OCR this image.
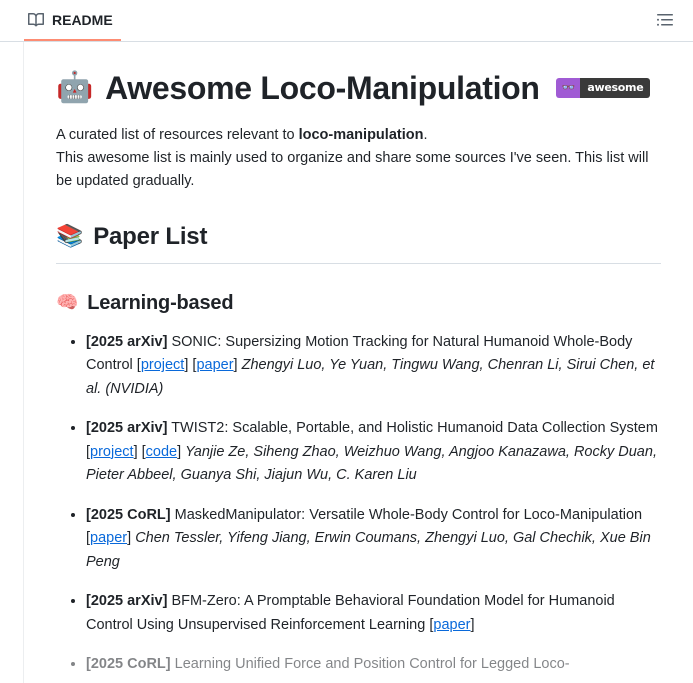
README
🤖 Awesome Loco-Manipulation	👓	awesome

A curated list of resources relevant to loco-manipulation.
This awesome list is mainly used to organize and share some sources I've seen. This list will be updated gradually.

📚 Paper List
🧠 Learning-based
• [2025 arXiv] SONIC: Supersizing Motion Tracking for Natural Humanoid Whole-Body Control [project] [paper] Zhengyi Luo, Ye Yuan, Tingwu Wang, Chenran Li, Sirui Chen, et al. (NVIDIA)
• [2025 arXiv] TWIST2: Scalable, Portable, and Holistic Humanoid Data Collection System [project] [code] Yanjie Ze, Siheng Zhao, Weizhuo Wang, Angjoo Kanazawa, Rocky Duan, Pieter Abbeel, Guanya Shi, Jiajun Wu, C. Karen Liu
• [2025 CoRL] MaskedManipulator: Versatile Whole-Body Control for Loco-Manipulation [paper] Chen Tessler, Yifeng Jiang, Erwin Coumans, Zhengyi Luo, Gal Chechik, Xue Bin Peng
• [2025 arXiv] BFM-Zero: A Promptable Behavioral Foundation Model for Humanoid Control Using Unsupervised Reinforcement Learning [paper]
• [2025 CoRL] Learning Unified Force and Position Control for Legged Loco-
